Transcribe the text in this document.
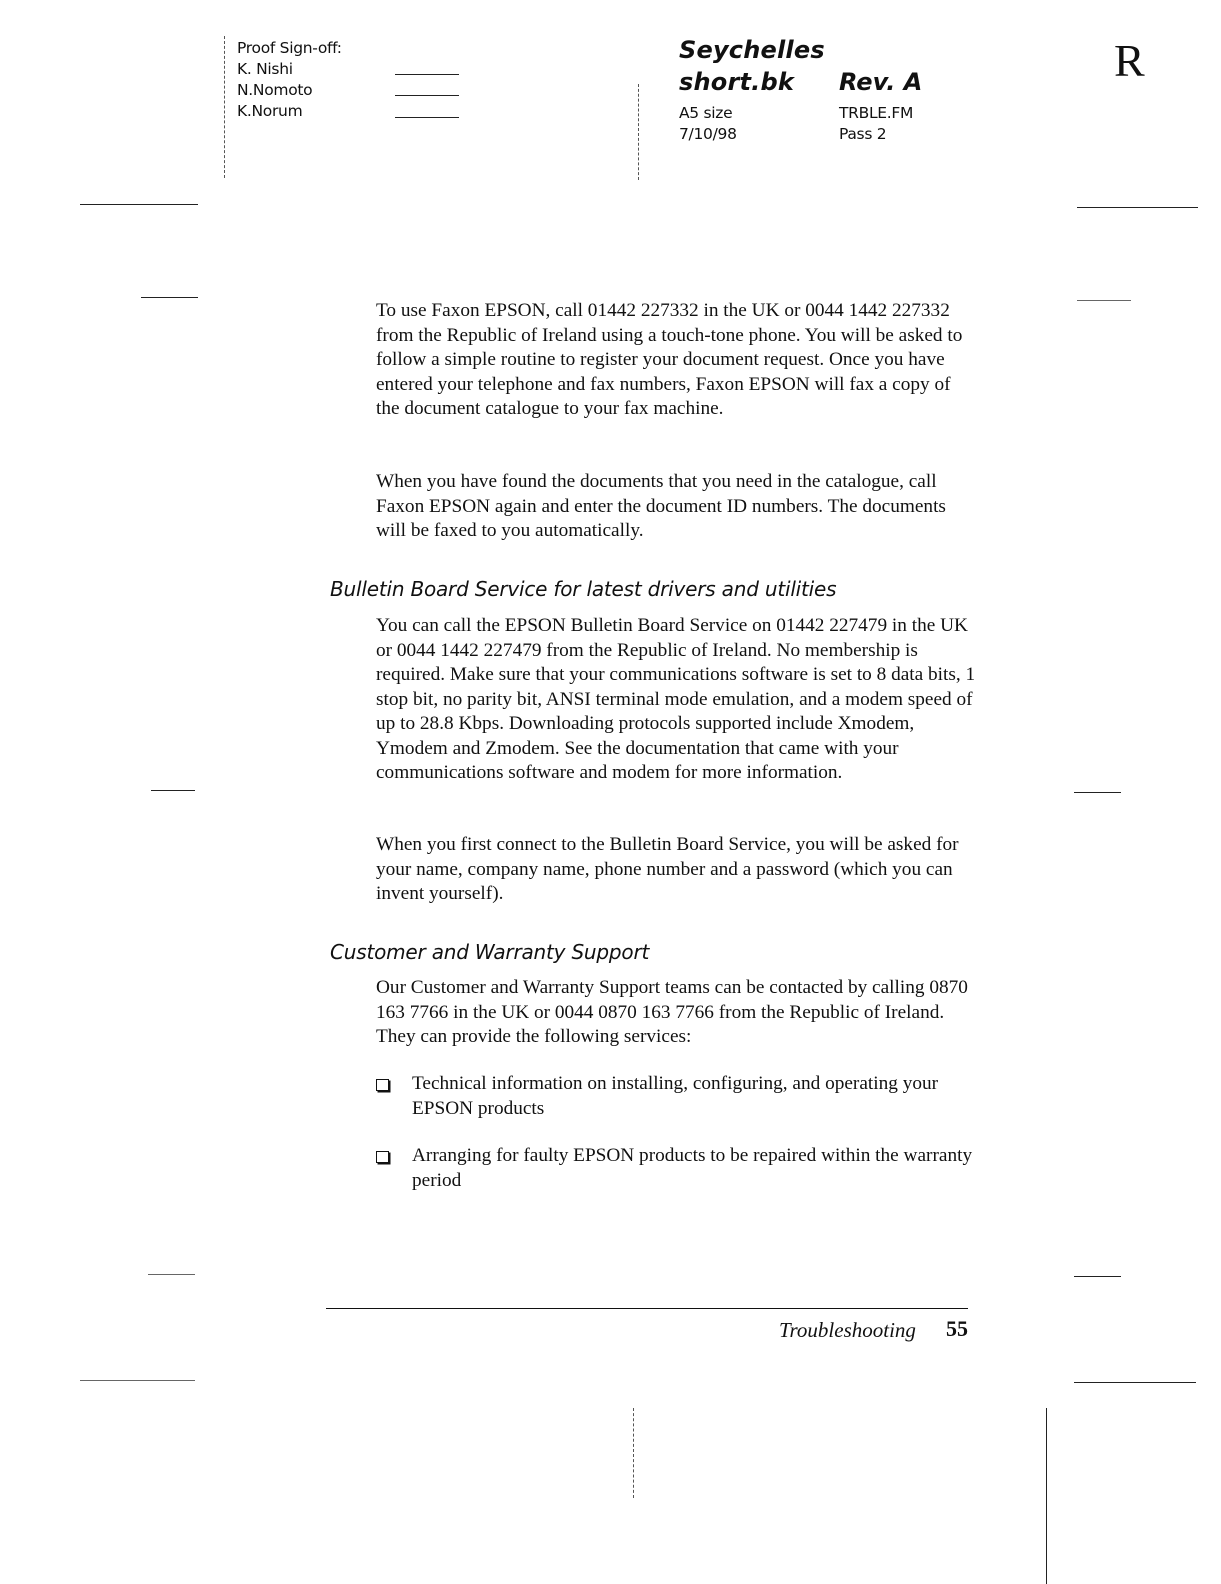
Proof Sign-off:
K. Nishi
N.Nomoto
K.Norum
Seychelles
short.bk	Rev. A
A5 size
7/10/98
TRBLE.FM
Pass 2
R

To use Faxon EPSON, call 01442 227332 in the UK or 0044 1442 227332 from the Republic of Ireland using a touch-tone phone. You will be asked to follow a simple routine to register your document request. Once you have entered your telephone and fax numbers, Faxon EPSON will fax a copy of the document catalogue to your fax machine.

When you have found the documents that you need in the catalogue, call Faxon EPSON again and enter the document ID numbers. The documents will be faxed to you automatically.

Bulletin Board Service for latest drivers and utilities

You can call the EPSON Bulletin Board Service on 01442 227479 in the UK or 0044 1442 227479 from the Republic of Ireland. No membership is required. Make sure that your communications software is set to 8 data bits, 1 stop bit, no parity bit, ANSI terminal mode emulation, and a modem speed of up to 28.8 Kbps. Downloading protocols supported include Xmodem, Ymodem and Zmodem. See the documentation that came with your communications software and modem for more information.

When you first connect to the Bulletin Board Service, you will be asked for your name, company name, phone number and a password (which you can invent yourself).

Customer and Warranty Support

Our Customer and Warranty Support teams can be contacted by calling 0870 163 7766 in the UK or 0044 0870 163 7766 from the Republic of Ireland. They can provide the following services:

Technical information on installing, configuring, and operating your EPSON products

Arranging for faulty EPSON products to be repaired within the warranty period

Troubleshooting 55
